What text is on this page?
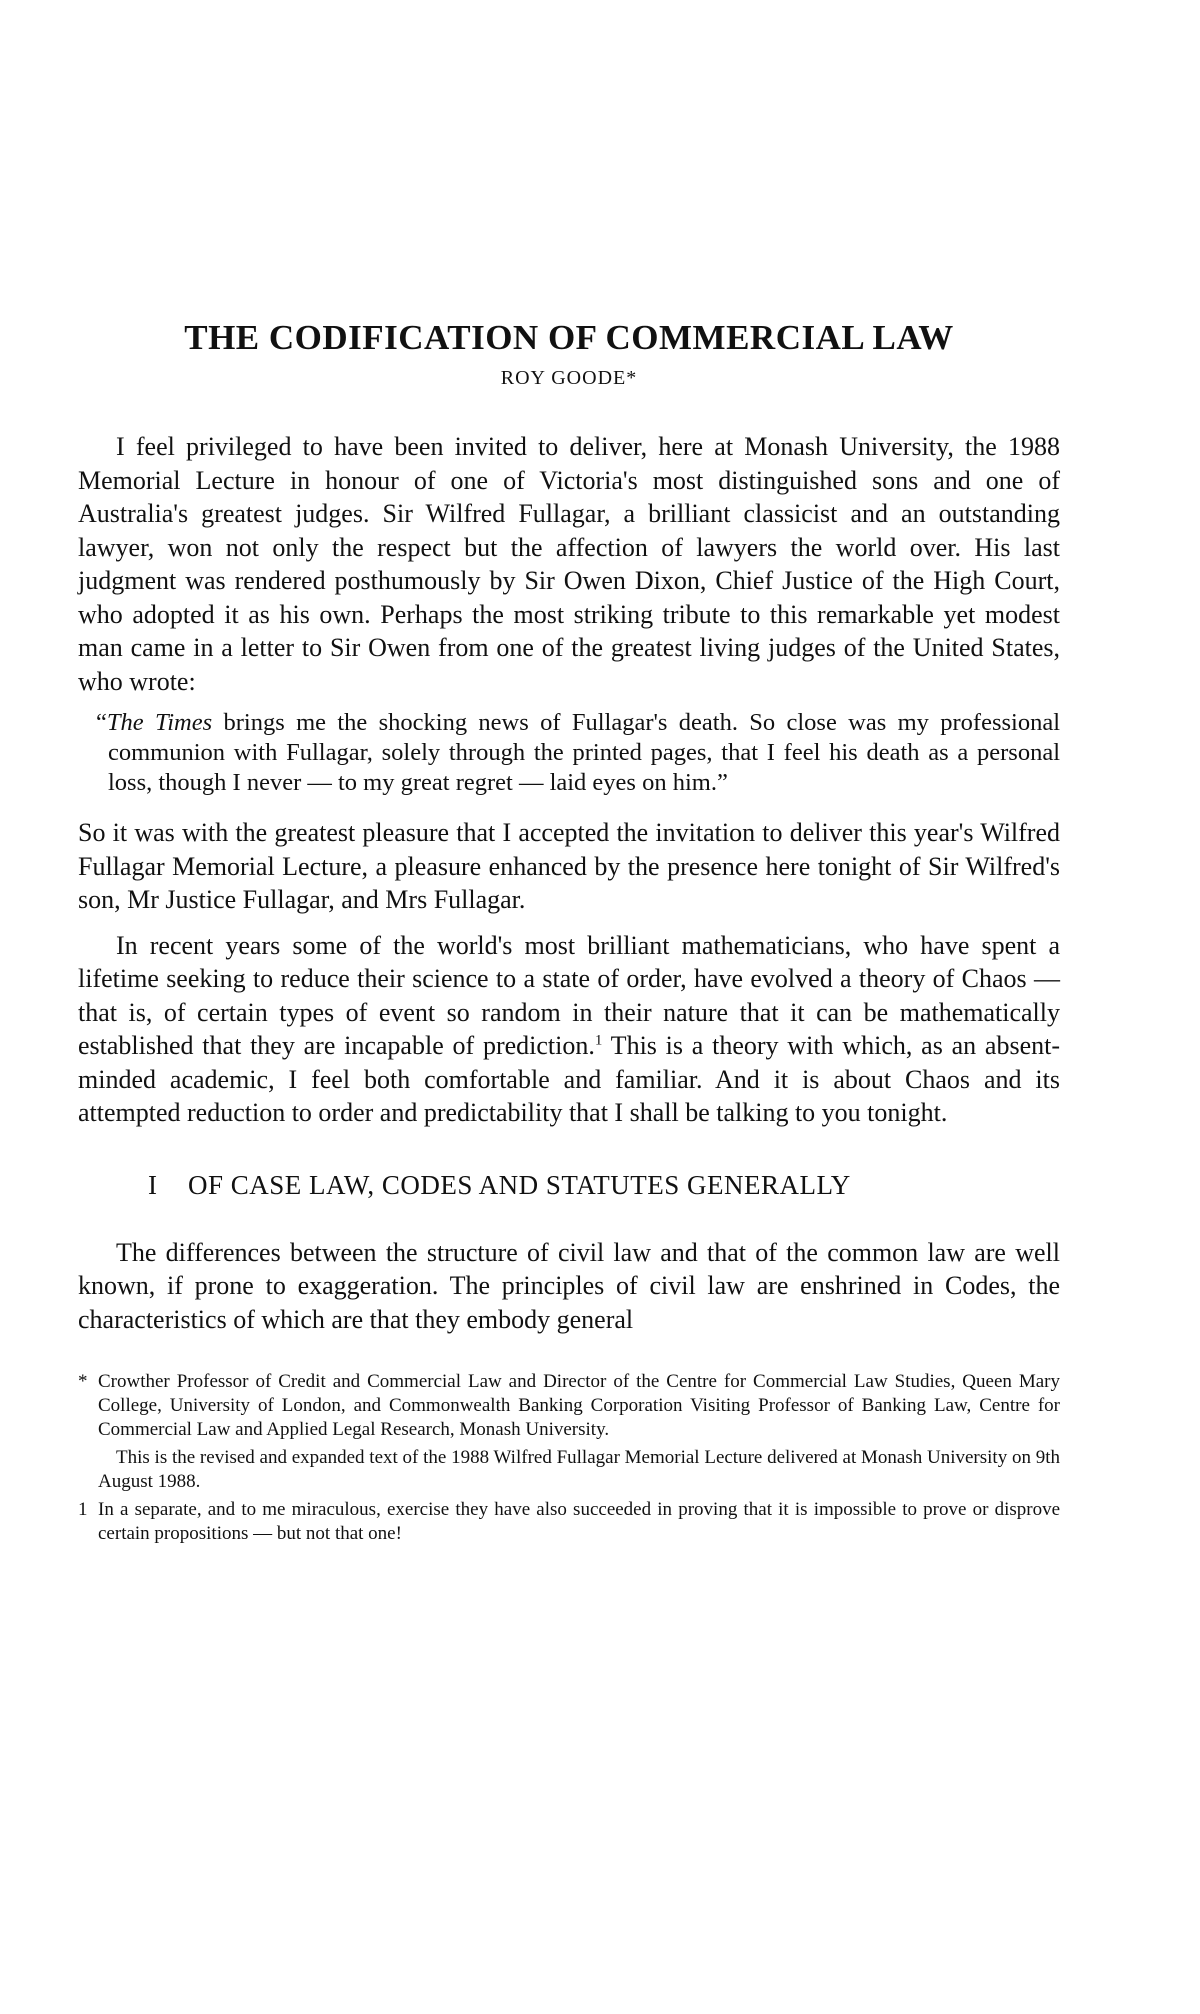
THE CODIFICATION OF COMMERCIAL LAW
ROY GOODE*

I feel privileged to have been invited to deliver, here at Monash University, the 1988 Memorial Lecture in honour of one of Victoria's most distinguished sons and one of Australia's greatest judges. Sir Wilfred Fullagar, a brilliant classicist and an outstanding lawyer, won not only the respect but the affection of lawyers the world over. His last judgment was rendered posthumously by Sir Owen Dixon, Chief Justice of the High Court, who adopted it as his own. Perhaps the most striking tribute to this remarkable yet modest man came in a letter to Sir Owen from one of the greatest living judges of the United States, who wrote:

“The Times brings me the shocking news of Fullagar's death. So close was my professional communion with Fullagar, solely through the printed pages, that I feel his death as a personal loss, though I never — to my great regret — laid eyes on him.”

So it was with the greatest pleasure that I accepted the invitation to deliver this year's Wilfred Fullagar Memorial Lecture, a pleasure enhanced by the presence here tonight of Sir Wilfred's son, Mr Justice Fullagar, and Mrs Fullagar.

In recent years some of the world's most brilliant mathematicians, who have spent a lifetime seeking to reduce their science to a state of order, have evolved a theory of Chaos — that is, of certain types of event so random in their nature that it can be mathematically established that they are incapable of prediction.$^1$ This is a theory with which, as an absent-minded academic, I feel both comfortable and familiar. And it is about Chaos and its attempted reduction to order and predictability that I shall be talking to you tonight.

I OF CASE LAW, CODES AND STATUTES GENERALLY

The differences between the structure of civil law and that of the common law are well known, if prone to exaggeration. The principles of civil law are enshrined in Codes, the characteristics of which are that they embody general

* Crowther Professor of Credit and Commercial Law and Director of the Centre for Commercial Law Studies, Queen Mary College, University of London, and Commonwealth Banking Corporation Visiting Professor of Banking Law, Centre for Commercial Law and Applied Legal Research, Monash University.

This is the revised and expanded text of the 1988 Wilfred Fullagar Memorial Lecture delivered at Monash University on 9th August 1988.

1 In a separate, and to me miraculous, exercise they have also succeeded in proving that it is impossible to prove or disprove certain propositions — but not that one!
